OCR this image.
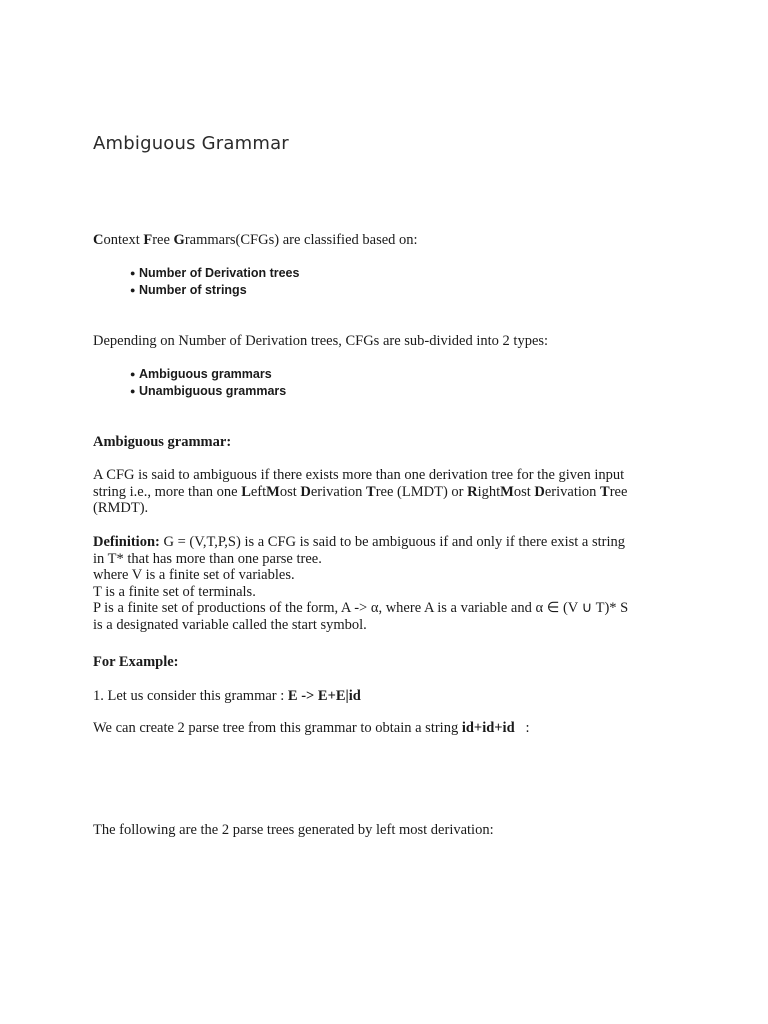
Ambiguous Grammar
Context Free Grammars(CFGs) are classified based on:
● Number of Derivation trees
● Number of strings
Depending on Number of Derivation trees, CFGs are sub-divided into 2 types:
● Ambiguous grammars
● Unambiguous grammars
Ambiguous grammar:

A CFG is said to ambiguous if there exists more than one derivation tree for the given input
string i.e., more than one LeftMost Derivation Tree (LMDT) or RightMost Derivation Tree
(RMDT).

Definition: G = (V,T,P,S) is a CFG is said to be ambiguous if and only if there exist a string
in T* that has more than one parse tree.
where V is a finite set of variables.
T is a finite set of terminals.
P is a finite set of productions of the form, A -> α, where A is a variable and α ∈ (V ∪ T)* S
is a designated variable called the start symbol.

For Example:
1. Let us consider this grammar : E -> E+E|id
We can create 2 parse tree from this grammar to obtain a string id+id+id   :
The following are the 2 parse trees generated by left most derivation:
